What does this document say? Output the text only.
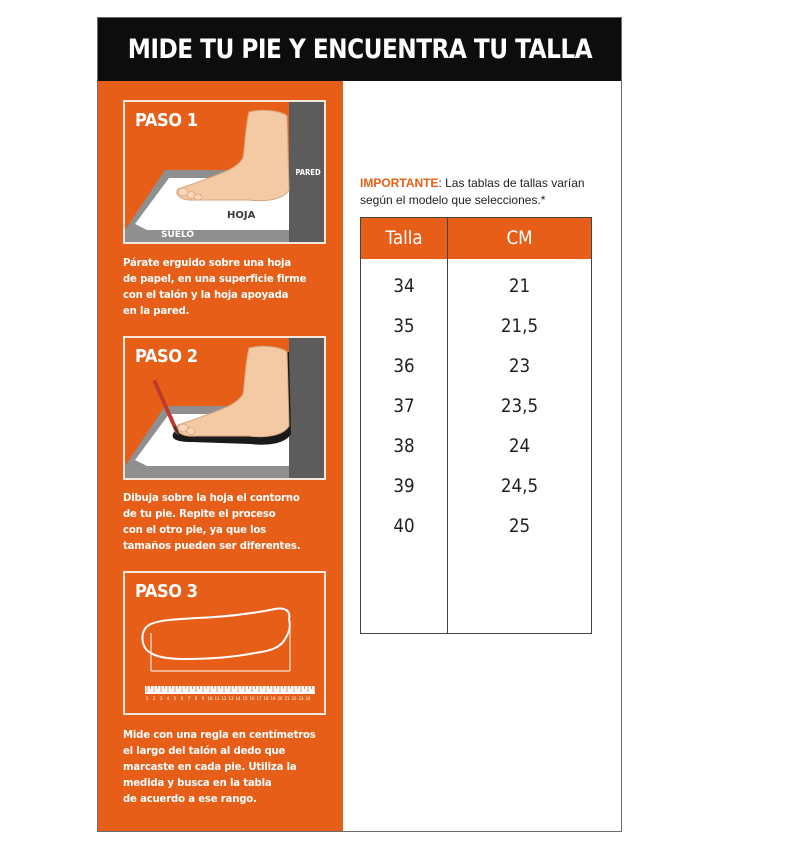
MIDE TU PIE Y ENCUENTRA TU TALLA
PASO 1
PARED
HOJA
SUELO

Párate erguido sobre una hoja
de papel, en una superficie firme
con el talón y la hoja apoyada
en la pared.

PASO 2

Dibuja sobre la hoja el contorno
de tu pie. Repite el proceso
con el otro pie, ya que los
tamaños pueden ser diferentes.

1 2 3 4 5 6 7 8 9 10 11 12 13 14 15 16 17 18 19 20 21 22 23 24
PASO 3

Mide con una regla en centímetros
el largo del talón al dedo que
marcaste en cada pie. Utiliza la
medida y busca en la tabla
de acuerdo a ese rango.

IMPORTANTE: Las tablas de tallas varían según el modelo que selecciones.*

Talla	CM
34	21
35	21,5
36	23
37	23,5
38	24
39	24,5
40	25
